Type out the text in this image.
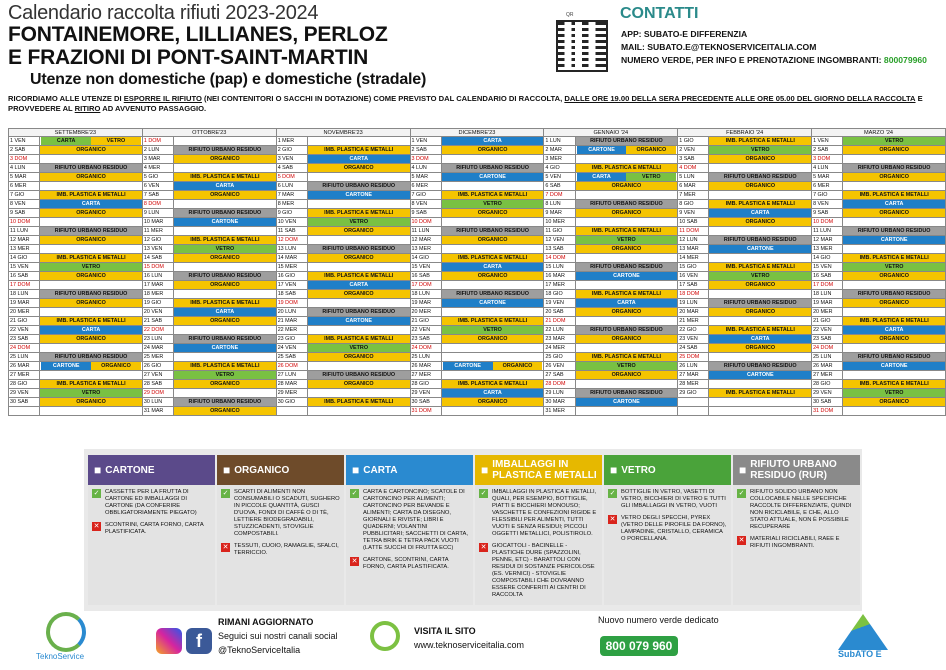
Calendario raccolta rifiuti 2023-2024
FONTAINEMORE, LILLIANES, PERLOZ
E FRAZIONI DI PONT-SAINT-MARTIN
Utenze non domestiche (pap) e domestiche (stradale)
RICORDIAMO ALLE UTENZE DI ESPORRE IL RIFIUTO (NEI CONTENITORI O SACCHI IN DOTAZIONE) COME PREVISTO DAL CALENDARIO DI RACCOLTA, DALLE ORE 19.00 DELLA SERA PRECEDENTE ALLE ORE 05.00 DEL GIORNO DELLA RACCOLTA E PROVVEDERE AL RITIRO AD AVVENUTO PASSAGGIO.
QR	CONTATTI
APP: SUBATO-E DIFFERENZIA
MAIL: SUBATO.E@TEKNOSERVICEITALIA.COM
NUMERO VERDE, PER INFO E PRENOTAZIONE INGOMBRANTI: 800079960
SETTEMBRE'23		OTTOBRE'23		NOVEMBRE'23		DICEMBRE'23		GENNAIO '24		FEBBRAIO '24		MARZO '24	
1 VEN	CARTA VETRO	1 DOM		1 MER		1 VEN	CARTA	1 LUN	RIFIUTO URBANO RESIDUO	1 GIO	IMB. PLASTICA E METALLI	1 VEN	VETRO
2 SAB	ORGANICO	2 LUN	RIFIUTO URBANO RESIDUO	2 GIO	IMB. PLASTICA E METALLI	2 SAB	ORGANICO	2 MAR	CARTONE ORGANICO	2 VEN	VETRO	2 SAB	ORGANICO
3 DOM		3 MAR	ORGANICO	3 VEN	CARTA	3 DOM		3 MER		3 SAB	ORGANICO	3 DOM	
4 LUN	RIFIUTO URBANO RESIDUO	4 MER		4 SAB	ORGANICO	4 LUN	RIFIUTO URBANO RESIDUO	4 GIO	IMB. PLASTICA E METALLI	4 DOM		4 LUN	RIFIUTO URBANO RESIDUO
5 MAR	ORGANICO	5 GIO	IMB. PLASTICA E METALLI	5 DOM		5 MAR	CARTONE	5 VEN	CARTA VETRO	5 LUN	RIFIUTO URBANO RESIDUO	5 MAR	ORGANICO
6 MER		6 VEN	CARTA	6 LUN	RIFIUTO URBANO RESIDUO	6 MER		6 SAB	ORGANICO	6 MAR	ORGANICO	6 MER	
7 GIO	IMB. PLASTICA E METALLI	7 SAB	ORGANICO	7 MAR	CARTONE	7 GIO	IMB. PLASTICA E METALLI	7 DOM		7 MER		7 GIO	IMB. PLASTICA E METALLI
8 VEN	CARTA	8 DOM		8 MER		8 VEN	VETRO	8 LUN	RIFIUTO URBANO RESIDUO	8 GIO	IMB. PLASTICA E METALLI	8 VEN	CARTA
9 SAB	ORGANICO	9 LUN	RIFIUTO URBANO RESIDUO	9 GIO	IMB. PLASTICA E METALLI	9 SAB	ORGANICO	9 MAR	ORGANICO	9 VEN	CARTA	9 SAB	ORGANICO
10 DOM		10 MAR	CARTONE	10 VEN	VETRO	10 DOM		10 MER		10 SAB	ORGANICO	10 DOM	
11 LUN	RIFIUTO URBANO RESIDUO	11 MER		11 SAB	ORGANICO	11 LUN	RIFIUTO URBANO RESIDUO	11 GIO	IMB. PLASTICA E METALLI	11 DOM		11 LUN	RIFIUTO URBANO RESIDUO
12 MAR	ORGANICO	12 GIO	IMB. PLASTICA E METALLI	12 DOM		12 MAR	ORGANICO	12 VEN	VETRO	12 LUN	RIFIUTO URBANO RESIDUO	12 MAR	CARTONE
13 MER		13 VEN	VETRO	13 LUN	RIFIUTO URBANO RESIDUO	13 MER		13 SAB	ORGANICO	13 MAR	CARTONE	13 MER	
14 GIO	IMB. PLASTICA E METALLI	14 SAB	ORGANICO	14 MAR	ORGANICO	14 GIO	IMB. PLASTICA E METALLI	14 DOM		14 MER		14 GIO	IMB. PLASTICA E METALLI
15 VEN	VETRO	15 DOM		15 MER		15 VEN	CARTA	15 LUN	RIFIUTO URBANO RESIDUO	15 GIO	IMB. PLASTICA E METALLI	15 VEN	VETRO
16 SAB	ORGANICO	16 LUN	RIFIUTO URBANO RESIDUO	16 GIO	IMB. PLASTICA E METALLI	16 SAB	ORGANICO	16 MAR	CARTONE	16 VEN	VETRO	16 SAB	ORGANICO
17 DOM		17 MAR	ORGANICO	17 VEN	CARTA	17 DOM		17 MER		17 SAB	ORGANICO	17 DOM	
18 LUN	RIFIUTO URBANO RESIDUO	18 MER		18 SAB	ORGANICO	18 LUN	RIFIUTO URBANO RESIDUO	18 GIO	IMB. PLASTICA E METALLI	18 DOM		18 LUN	RIFIUTO URBANO RESIDUO
19 MAR	ORGANICO	19 GIO	IMB. PLASTICA E METALLI	19 DOM		19 MAR	CARTONE	19 VEN	CARTA	19 LUN	RIFIUTO URBANO RESIDUO	19 MAR	ORGANICO
20 MER		20 VEN	CARTA	20 LUN	RIFIUTO URBANO RESIDUO	20 MER		20 SAB	ORGANICO	20 MAR	ORGANICO	20 MER	
21 GIO	IMB. PLASTICA E METALLI	21 SAB	ORGANICO	21 MAR	CARTONE	21 GIO	IMB. PLASTICA E METALLI	21 DOM		21 MER		21 GIO	IMB. PLASTICA E METALLI
22 VEN	CARTA	22 DOM		22 MER		22 VEN	VETRO	22 LUN	RIFIUTO URBANO RESIDUO	22 GIO	IMB. PLASTICA E METALLI	22 VEN	CARTA
23 SAB	ORGANICO	23 LUN	RIFIUTO URBANO RESIDUO	23 GIO	IMB. PLASTICA E METALLI	23 SAB	ORGANICO	23 MAR	ORGANICO	23 VEN	CARTA	23 SAB	ORGANICO
24 DOM		24 MAR	CARTONE	24 VEN	VETRO	24 DOM		24 MER		24 SAB	ORGANICO	24 DOM	
25 LUN	RIFIUTO URBANO RESIDUO	25 MER		25 SAB	ORGANICO	25 LUN		25 GIO	IMB. PLASTICA E METALLI	25 DOM		25 LUN	RIFIUTO URBANO RESIDUO
26 MAR	CARTONE ORGANICO	26 GIO	IMB. PLASTICA E METALLI	26 DOM		26 MAR	CARTONE ORGANICO	26 VEN	VETRO	26 LUN	RIFIUTO URBANO RESIDUO	26 MAR	CARTONE
27 MER		27 VEN	VETRO	27 LUN	RIFIUTO URBANO RESIDUO	27 MER		27 SAB	ORGANICO	27 MAR	CARTONE	27 MER	
28 GIO	IMB. PLASTICA E METALLI	28 SAB	ORGANICO	28 MAR	ORGANICO	28 GIO	IMB. PLASTICA E METALLI	28 DOM		28 MER		28 GIO	IMB. PLASTICA E METALLI
29 VEN	VETRO	29 DOM		29 MER		29 VEN	CARTA	29 LUN	RIFIUTO URBANO RESIDUO	29 GIO	IMB. PLASTICA E METALLI	29 VEN	VETRO
30 SAB	ORGANICO	30 LUN	RIFIUTO URBANO RESIDUO	30 GIO	IMB. PLASTICA E METALLI	30 SAB	ORGANICO	30 MAR	CARTONE			30 SAB	ORGANICO
		31 MAR	ORGANICO			31 DOM		31 MER				31 DOM	
■ CARTONE
✓ CASSETTE PER LA FRUTTA DI CARTONE ED IMBALLAGGI DI CARTONE (DA CONFERIRE OBBLIGATORIAMENTE PIEGATO)
✕ SCONTRINI, CARTA FORNO, CARTA PLASTIFICATA.
■ ORGANICO
✓ SCARTI DI ALIMENTI NON CONSUMABILI O SCADUTI, SUGHERO IN PICCOLE QUANTITÀ, GUSCI D'UOVA, FONDI DI CAFFÈ O DI TÈ, LETTIERE BIODEGRADABILI, STUZZICADENTI, STOVIGLIE COMPOSTABILI.
✕ TESSUTI, CUOIO, RAMAGLIE, SFALCI, TERRICCIO.
■ CARTA
✓ CARTA E CARTONCINO; SCATOLE DI CARTONCINO PER ALIMENTI; CARTONCINO PER BEVANDE E ALIMENTI; CARTA DA DISEGNO, GIORNALI E RIVISTE; LIBRI E QUADERNI; VOLANTINI PUBBLICITARI; SACCHETTI DI CARTA, TETRA BRIK E TETRA PACK VUOTI (LATTE SUCCHI DI FRUTTA ECC)
✕ CARTONE, SCONTRINI, CARTA FORNO, CARTA PLASTIFICATA.
■ IMBALLAGGI IN PLASTICA E METALLI
✓ IMBALLAGGI IN PLASTICA E METALLI, QUALI, PER ESEMPIO, BOTTIGLIE, PIATTI E BICCHIERI MONOUSO; VASCHETTE E CONFEZIONI RIGIDE E FLESSIBILI PER ALIMENTI, TUTTI VUOTI E SENZA RESIDUI; PICCOLI OGGETTI METALLICI, POLISTIROLO.
✕ GIOCATTOLI - BACINELLE - PLASTICHE DURE (SPAZZOLINI, PENNE, ETC) - BARATTOLI CON RESIDUI DI SOSTANZE PERICOLOSE (ES. VERNICI) - STOVIGLIE COMPOSTABILI CHE DOVRANNO ESSERE CONFERITI AI CENTRI DI RACCOLTA
■ VETRO
✓ BOTTIGLIE IN VETRO, VASETTI DI VETRO, BICCHIERI DI VETRO E TUTTI GLI IMBALLAGGI IN VETRO, VUOTI
✕ VETRO DEGLI SPECCHI, PYREX (VETRO DELLE PIROFILE DA FORNO), LAMPADINE, CRISTALLO, CERAMICA O PORCELLANA.
■ RIFIUTO URBANO RESIDUO (RUR)
✓ RIFIUTO SOLIDO URBANO NON COLLOCABILE NELLE SPECIFICHE RACCOLTE DIFFERENZIATE, QUINDI NON RICICLABILE, E CHE, ALLO STATO ATTUALE, NON È POSSIBILE RECUPERARE
✕ MATERIALI RICICLABILI, RAEE E RIFIUTI INGOMBRANTI.
TeknoService
f
RIMANI AGGIORNATO
Seguici sui nostri canali social
@TeknoServiceItalia
VISITA IL SITO
www.teknoserviceitalia.com
Nuovo numero verde dedicato
800 079 960
SubATO E
